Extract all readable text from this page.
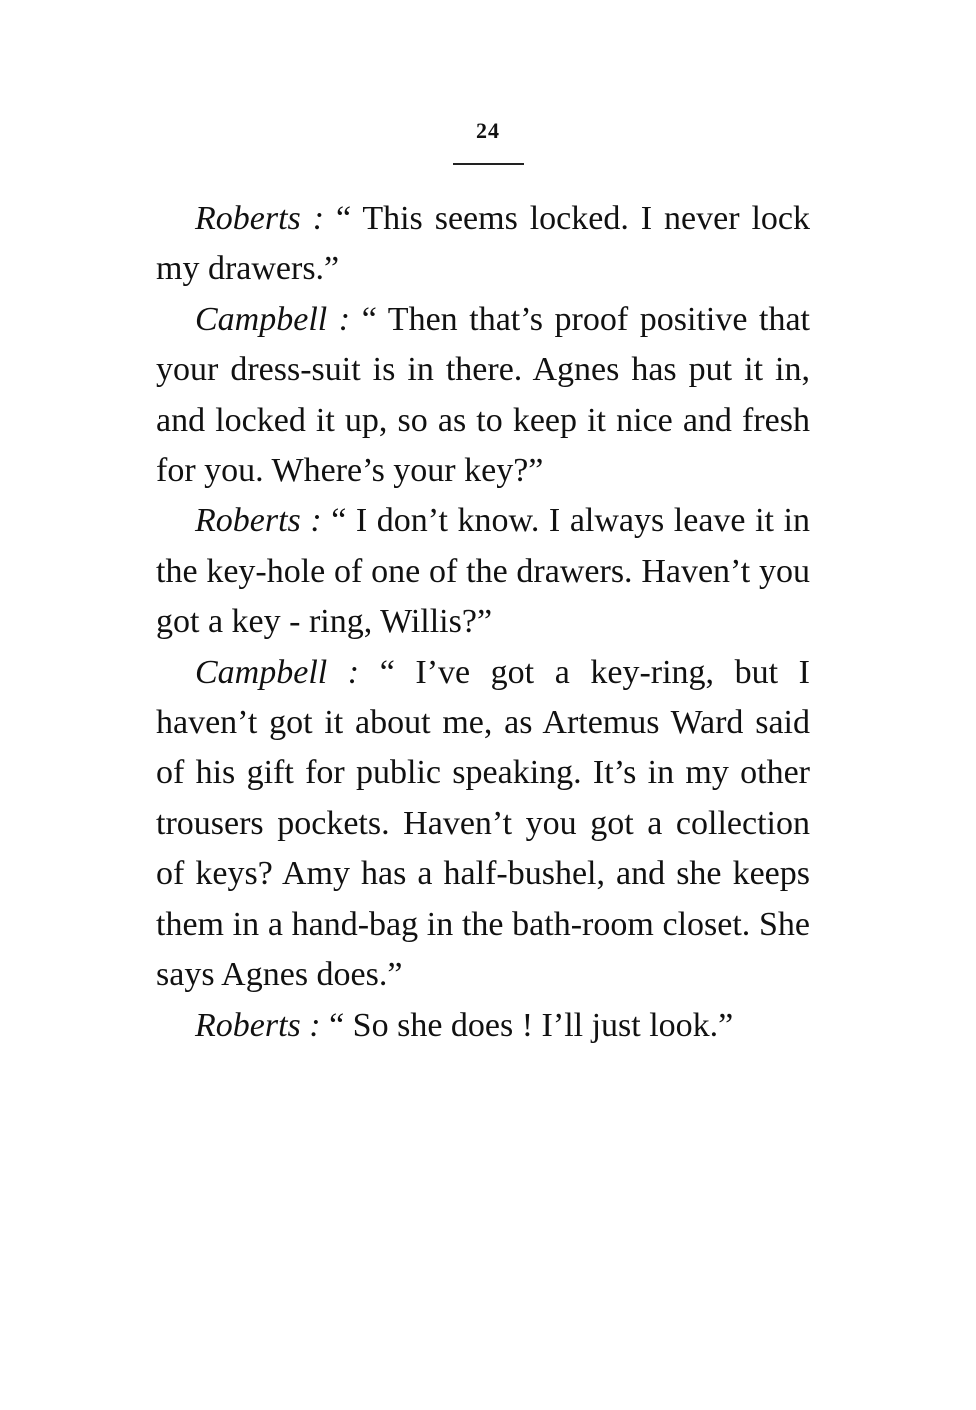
24

Roberts : “ This seems locked. I never lock my drawers.”

Campbell : “ Then that’s proof positive that your dress-suit is in there. Agnes has put it in, and locked it up, so as to keep it nice and fresh for you. Where’s your key?”

Roberts : “ I don’t know. I always leave it in the key-hole of one of the drawers. Haven’t you got a key - ring, Willis?”

Campbell : “ I’ve got a key-ring, but I haven’t got it about me, as Artemus Ward said of his gift for public speaking. It’s in my other trousers pockets. Haven’t you got a collection of keys? Amy has a half-bushel, and she keeps them in a hand-bag in the bath-room closet. She says Agnes does.”

Roberts : “ So she does ! I’ll just look.”
